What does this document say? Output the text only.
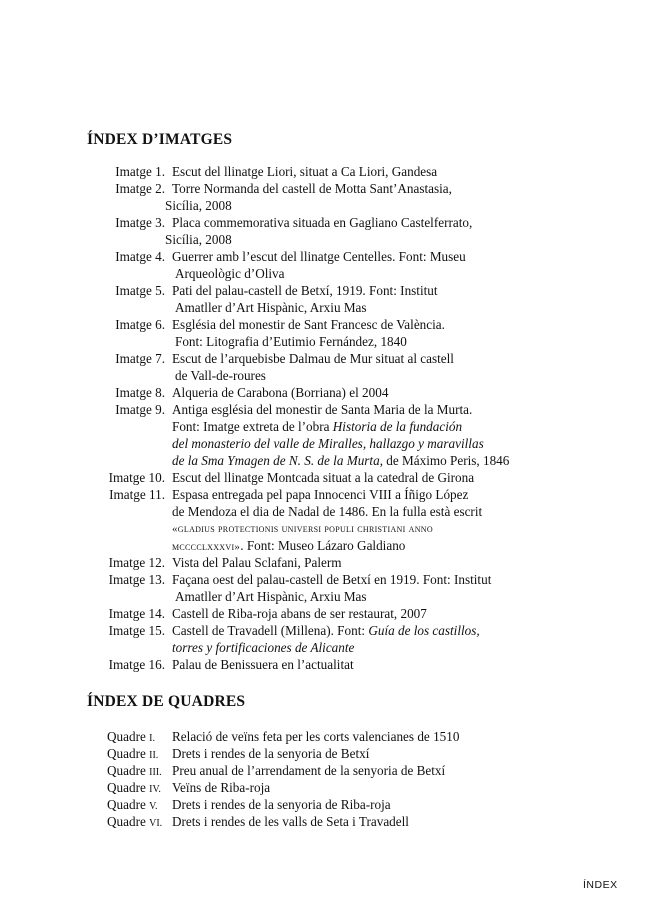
ÍNDEX D’IMATGES
Imatge 1. Escut del llinatge Liori, situat a Ca Liori, Gandesa
Imatge 2. Torre Normanda del castell de Motta Sant’Anastasia,
Sicília, 2008
Imatge 3. Placa commemorativa situada en Gagliano Castelferrato,
Sicília, 2008
Imatge 4. Guerrer amb l’escut del llinatge Centelles. Font: Museu
Arqueològic d’Oliva
Imatge 5. Pati del palau-castell de Betxí, 1919. Font: Institut
Amatller d’Art Hispànic, Arxiu Mas
Imatge 6. Església del monestir de Sant Francesc de València.
Font: Litografia d’Eutimio Fernández, 1840
Imatge 7. Escut de l’arquebisbe Dalmau de Mur situat al castell
de Vall-de-roures
Imatge 8. Alqueria de Carabona (Borriana) el 2004
Imatge 9. Antiga església del monestir de Santa Maria de la Murta.
Font: Imatge extreta de l’obra Historia de la fundación
del monasterio del valle de Miralles, hallazgo y maravillas
de la Sma Ymagen de N. S. de la Murta, de Máximo Peris, 1846
Imatge 10. Escut del llinatge Montcada situat a la catedral de Girona
Imatge 11. Espasa entregada pel papa Innocenci VIII a Íñigo López
de Mendoza el dia de Nadal de 1486. En la fulla està escrit
«gladius protectionis universi populi christiani anno
mcccclxxxvi». Font: Museo Lázaro Galdiano
Imatge 12. Vista del Palau Sclafani, Palerm
Imatge 13. Façana oest del palau-castell de Betxí en 1919. Font: Institut
Amatller d’Art Hispànic, Arxiu Mas
Imatge 14. Castell de Riba-roja abans de ser restaurat, 2007
Imatge 15. Castell de Travadell (Millena). Font: Guía de los castillos,
torres y fortificaciones de Alicante
Imatge 16. Palau de Benissuera en l’actualitat
ÍNDEX DE QUADRES
Quadre I. Relació de veïns feta per les corts valencianes de 1510
Quadre II. Drets i rendes de la senyoria de Betxí
Quadre III. Preu anual de l’arrendament de la senyoria de Betxí
Quadre IV. Veïns de Riba-roja
Quadre V. Drets i rendes de la senyoria de Riba-roja
Quadre VI. Drets i rendes de les valls de Seta i Travadell
ÍNDEX
